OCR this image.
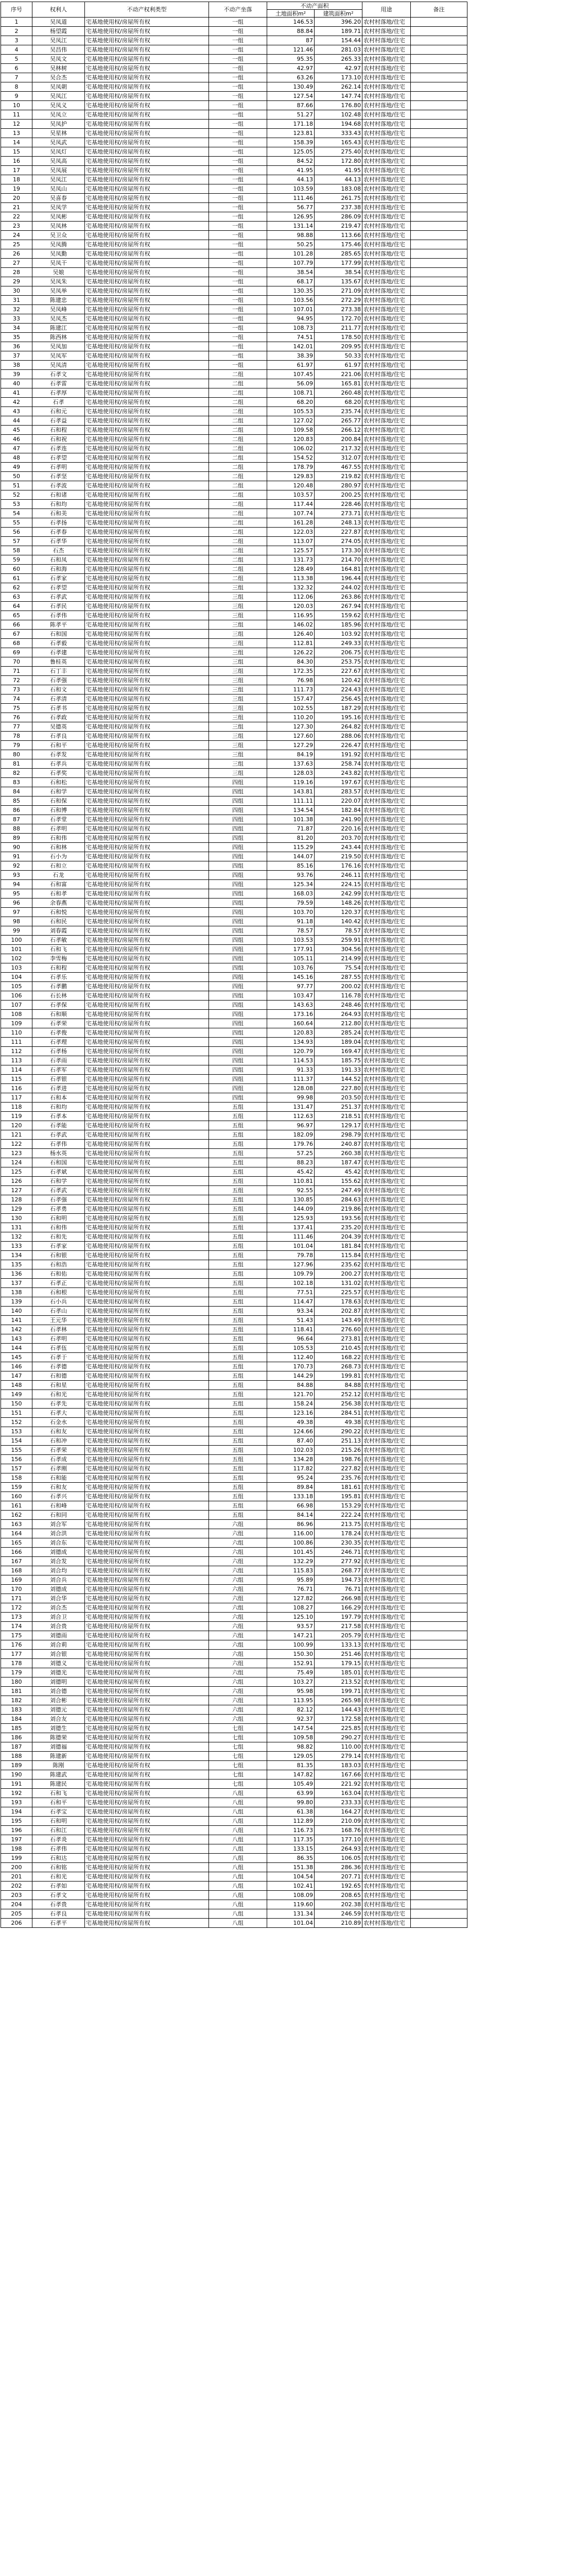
序号	权利人	不动产权利类型	不动产坐落	不动产面积		用途	备注
				土地面积m²	建筑面积m²		
1	吴凤道	宅基地使用权/房屋所有权	一组	146.53	396.20	农村村落地/住宅	
2	杨望霞	宅基地使用权/房屋所有权	一组	88.84	189.71	农村村落地/住宅	
3	吴凤江	宅基地使用权/房屋所有权	一组	87	154.44	农村村落地/住宅	
4	吴昌伟	宅基地使用权/房屋所有权	一组	121.46	281.03	农村村落地/住宅	
5	吴凤文	宅基地使用权/房屋所有权	一组	95.35	265.33	农村村落地/住宅	
6	吴林树	宅基地使用权/房屋所有权	一组	42.97	42.97	农村村落地/住宅	
7	吴合杰	宅基地使用权/房屋所有权	一组	63.26	173.10	农村村落地/住宅	
8	吴凤朝	宅基地使用权/房屋所有权	一组	130.49	262.14	农村村落地/住宅	
9	吴凤江	宅基地使用权/房屋所有权	一组	127.54	147.74	农村村落地/住宅	
10	吴凤义	宅基地使用权/房屋所有权	一组	87.66	176.80	农村村落地/住宅	
11	吴凤立	宅基地使用权/房屋所有权	一组	51.27	102.48	农村村落地/住宅	
12	吴凤护	宅基地使用权/房屋所有权	一组	171.18	194.68	农村村落地/住宅	
13	吴星林	宅基地使用权/房屋所有权	一组	123.81	333.43	农村村落地/住宅	
14	吴凤武	宅基地使用权/房屋所有权	一组	158.39	165.43	农村村落地/住宅	
15	吴凤灯	宅基地使用权/房屋所有权	一组	125.05	275.40	农村村落地/住宅	
16	吴凤高	宅基地使用权/房屋所有权	一组	84.52	172.80	农村村落地/住宅	
17	吴凤展	宅基地使用权/房屋所有权	一组	41.95	41.95	农村村落地/住宅	
18	吴凤江	宅基地使用权/房屋所有权	一组	44.13	44.13	农村村落地/住宅	
19	吴凤山	宅基地使用权/房屋所有权	一组	103.59	183.08	农村村落地/住宅	
20	吴喜春	宅基地使用权/房屋所有权	一组	111.46	261.75	农村村落地/住宅	
21	吴凤学	宅基地使用权/房屋所有权	一组	56.77	237.38	农村村落地/住宅	
22	吴凤彬	宅基地使用权/房屋所有权	一组	126.95	286.09	农村村落地/住宅	
23	吴凤林	宅基地使用权/房屋所有权	一组	131.14	219.47	农村村落地/住宅	
24	吴卫众	宅基地使用权/房屋所有权	一组	98.88	113.66	农村村落地/住宅	
25	吴凤腾	宅基地使用权/房屋所有权	一组	50.25	175.46	农村村落地/住宅	
26	吴凤勤	宅基地使用权/房屋所有权	一组	101.28	285.65	农村村落地/住宅	
27	吴凤干	宅基地使用权/房屋所有权	一组	107.79	177.99	农村村落地/住宅	
28	吴娘	宅基地使用权/房屋所有权	一组	38.54	38.54	农村村落地/住宅	
29	吴凤朱	宅基地使用权/房屋所有权	一组	68.17	135.67	农村村落地/住宅	
30	吴凤举	宅基地使用权/房屋所有权	一组	130.35	271.09	农村村落地/住宅	
31	陈建忠	宅基地使用权/房屋所有权	一组	103.56	272.29	农村村落地/住宅	
32	吴凤峰	宅基地使用权/房屋所有权	一组	107.01	273.38	农村村落地/住宅	
33	吴凤杰	宅基地使用权/房屋所有权	一组	94.95	172.70	农村村落地/住宅	
34	陈建江	宅基地使用权/房屋所有权	一组	108.73	211.77	农村村落地/住宅	
35	陈西林	宅基地使用权/房屋所有权	一组	74.51	178.50	农村村落地/住宅	
36	吴凤加	宅基地使用权/房屋所有权	一组	142.01	209.95	农村村落地/住宅	
37	吴凤军	宅基地使用权/房屋所有权	一组	38.39	50.33	农村村落地/住宅	
38	吴凤清	宅基地使用权/房屋所有权	一组	61.97	61.97	农村村落地/住宅	
39	石孝文	宅基地使用权/房屋所有权	二组	107.45	221.06	农村村落地/住宅	
40	石孝雷	宅基地使用权/房屋所有权	二组	56.09	165.81	农村村落地/住宅	
41	石孝厚	宅基地使用权/房屋所有权	二组	108.71	260.48	农村村落地/住宅	
42	石孝	宅基地使用权/房屋所有权	二组	68.20	68.20	农村村落地/住宅	
43	石和元	宅基地使用权/房屋所有权	二组	105.53	235.74	农村村落地/住宅	
44	石孝益	宅基地使用权/房屋所有权	二组	127.02	265.77	农村村落地/住宅	
45	石和程	宅基地使用权/房屋所有权	二组	109.58	266.12	农村村落地/住宅	
46	石和祝	宅基地使用权/房屋所有权	二组	120.83	200.84	农村村落地/住宅	
47	石孝连	宅基地使用权/房屋所有权	二组	106.02	217.32	农村村落地/住宅	
48	石孝望	宅基地使用权/房屋所有权	二组	154.52	312.07	农村村落地/住宅	
49	石孝明	宅基地使用权/房屋所有权	二组	178.79	467.55	农村村落地/住宅	
50	石孝坚	宅基地使用权/房屋所有权	二组	129.83	219.82	农村村落地/住宅	
51	石孝波	宅基地使用权/房屋所有权	二组	120.48	280.97	农村村落地/住宅	
52	石和诸	宅基地使用权/房屋所有权	二组	103.57	200.25	农村村落地/住宅	
53	石和均	宅基地使用权/房屋所有权	二组	117.44	228.46	农村村落地/住宅	
54	石和美	宅基地使用权/房屋所有权	二组	107.74	273.71	农村村落地/住宅	
55	石孝扬	宅基地使用权/房屋所有权	二组	161.28	248.13	农村村落地/住宅	
56	石孝春	宅基地使用权/房屋所有权	二组	122.03	227.87	农村村落地/住宅	
57	石孝华	宅基地使用权/房屋所有权	二组	113.07	274.05	农村村落地/住宅	
58	石杰	宅基地使用权/房屋所有权	二组	125.57	173.30	农村村落地/住宅	
59	石和凤	宅基地使用权/房屋所有权	二组	131.73	214.70	农村村落地/住宅	
60	石和海	宅基地使用权/房屋所有权	二组	128.49	164.81	农村村落地/住宅	
61	石孝家	宅基地使用权/房屋所有权	二组	113.38	196.44	农村村落地/住宅	
62	石孝望	宅基地使用权/房屋所有权	三组	132.32	244.02	农村村落地/住宅	
63	石孝武	宅基地使用权/房屋所有权	三组	112.06	263.86	农村村落地/住宅	
64	石孝民	宅基地使用权/房屋所有权	三组	120.03	267.94	农村村落地/住宅	
65	石孝伟	宅基地使用权/房屋所有权	三组	116.95	159.62	农村村落地/住宅	
66	陈孝平	宅基地使用权/房屋所有权	三组	146.02	185.96	农村村落地/住宅	
67	石和国	宅基地使用权/房屋所有权	三组	126.40	103.92	农村村落地/住宅	
68	石孝毅	宅基地使用权/房屋所有权	三组	112.81	249.33	农村村落地/住宅	
69	石孝建	宅基地使用权/房屋所有权	三组	126.22	206.75	农村村落地/住宅	
70	鲁桂英	宅基地使用权/房屋所有权	三组	84.30	253.75	农村村落地/住宅	
71	石丁丰	宅基地使用权/房屋所有权	三组	172.35	227.67	农村村落地/住宅	
72	石孝强	宅基地使用权/房屋所有权	三组	76.98	120.42	农村村落地/住宅	
73	石和文	宅基地使用权/房屋所有权	三组	111.73	224.43	农村村落地/住宅	
74	石孝清	宅基地使用权/房屋所有权	三组	157.47	256.45	农村村落地/住宅	
75	石孝书	宅基地使用权/房屋所有权	三组	102.55	187.29	农村村落地/住宅	
76	石孝政	宅基地使用权/房屋所有权	三组	110.20	195.16	农村村落地/住宅	
77	吴德英	宅基地使用权/房屋所有权	三组	127.30	264.82	农村村落地/住宅	
78	石孝良	宅基地使用权/房屋所有权	三组	127.60	288.06	农村村落地/住宅	
79	石和平	宅基地使用权/房屋所有权	三组	127.29	226.47	农村村落地/住宅	
80	石孝发	宅基地使用权/房屋所有权	三组	84.19	191.92	农村村落地/住宅	
81	石孝兵	宅基地使用权/房屋所有权	三组	137.63	258.74	农村村落地/住宅	
82	石孝奖	宅基地使用权/房屋所有权	三组	128.03	243.82	农村村落地/住宅	
83	石和松	宅基地使用权/房屋所有权	四组	119.16	197.67	农村村落地/住宅	
84	石和学	宅基地使用权/房屋所有权	四组	143.81	283.57	农村村落地/住宅	
85	石和保	宅基地使用权/房屋所有权	四组	111.11	220.07	农村村落地/住宅	
86	石和博	宅基地使用权/房屋所有权	四组	134.54	182.84	农村村落地/住宅	
87	石孝堂	宅基地使用权/房屋所有权	四组	101.38	241.90	农村村落地/住宅	
88	石孝明	宅基地使用权/房屋所有权	四组	71.87	220.16	农村村落地/住宅	
89	石和伟	宅基地使用权/房屋所有权	四组	81.20	203.70	农村村落地/住宅	
90	石和林	宅基地使用权/房屋所有权	四组	115.29	243.44	农村村落地/住宅	
91	石小为	宅基地使用权/房屋所有权	四组	144.07	219.50	农村村落地/住宅	
92	石和立	宅基地使用权/房屋所有权	四组	85.16	176.16	农村村落地/住宅	
93	石龙	宅基地使用权/房屋所有权	四组	93.76	246.11	农村村落地/住宅	
94	石和富	宅基地使用权/房屋所有权	四组	125.34	224.15	农村村落地/住宅	
95	石和孝	宅基地使用权/房屋所有权	四组	168.03	242.99	农村村落地/住宅	
96	余春燕	宅基地使用权/房屋所有权	四组	79.59	148.26	农村村落地/住宅	
97	石和悦	宅基地使用权/房屋所有权	四组	103.70	120.37	农村村落地/住宅	
98	石和民	宅基地使用权/房屋所有权	四组	91.18	140.42	农村村落地/住宅	
99	刘春霞	宅基地使用权/房屋所有权	四组	78.57	78.57	农村村落地/住宅	
100	石孝敏	宅基地使用权/房屋所有权	四组	103.53	259.91	农村村落地/住宅	
101	石和飞	宅基地使用权/房屋所有权	四组	177.91	304.56	农村村落地/住宅	
102	李雪梅	宅基地使用权/房屋所有权	四组	105.11	214.99	农村村落地/住宅	
103	石和程	宅基地使用权/房屋所有权	四组	103.76	75.54	农村村落地/住宅	
104	石孝乐	宅基地使用权/房屋所有权	四组	145.16	287.55	农村村落地/住宅	
105	石孝鹏	宅基地使用权/房屋所有权	四组	97.77	200.02	农村村落地/住宅	
106	石长林	宅基地使用权/房屋所有权	四组	103.47	116.78	农村村落地/住宅	
107	石孝保	宅基地使用权/房屋所有权	四组	143.63	248.46	农村村落地/住宅	
108	石和顺	宅基地使用权/房屋所有权	四组	173.16	264.93	农村村落地/住宅	
109	石孝荣	宅基地使用权/房屋所有权	四组	160.64	212.80	农村村落地/住宅	
110	石孝俊	宅基地使用权/房屋所有权	四组	120.83	285.24	农村村落地/住宅	
111	石孝理	宅基地使用权/房屋所有权	四组	134.93	189.04	农村村落地/住宅	
112	石孝杨	宅基地使用权/房屋所有权	四组	120.79	169.47	农村村落地/住宅	
113	石孝雨	宅基地使用权/房屋所有权	四组	114.53	185.75	农村村落地/住宅	
114	石孝军	宅基地使用权/房屋所有权	四组	91.33	191.33	农村村落地/住宅	
115	石孝银	宅基地使用权/房屋所有权	四组	111.37	144.52	农村村落地/住宅	
116	石孝进	宅基地使用权/房屋所有权	四组	128.08	227.80	农村村落地/住宅	
117	石和本	宅基地使用权/房屋所有权	四组	99.98	203.50	农村村落地/住宅	
118	石和均	宅基地使用权/房屋所有权	五组	131.47	251.37	农村村落地/住宅	
119	石孝本	宅基地使用权/房屋所有权	五组	112.63	218.51	农村村落地/住宅	
120	石孝能	宅基地使用权/房屋所有权	五组	96.97	129.17	农村村落地/住宅	
121	石孝武	宅基地使用权/房屋所有权	五组	182.09	298.79	农村村落地/住宅	
122	石孝伟	宅基地使用权/房屋所有权	五组	179.76	240.87	农村村落地/住宅	
123	杨水英	宅基地使用权/房屋所有权	五组	57.25	260.38	农村村落地/住宅	
124	石和国	宅基地使用权/房屋所有权	五组	88.23	187.47	农村村落地/住宅	
125	石孝斌	宅基地使用权/房屋所有权	五组	45.42	45.42	农村村落地/住宅	
126	石和学	宅基地使用权/房屋所有权	五组	110.81	155.62	农村村落地/住宅	
127	石孝武	宅基地使用权/房屋所有权	五组	92.55	247.49	农村村落地/住宅	
128	石孝强	宅基地使用权/房屋所有权	五组	130.85	284.63	农村村落地/住宅	
129	石孝勇	宅基地使用权/房屋所有权	五组	144.09	219.86	农村村落地/住宅	
130	石和明	宅基地使用权/房屋所有权	五组	125.93	193.56	农村村落地/住宅	
131	石和伟	宅基地使用权/房屋所有权	五组	137.41	235.20	农村村落地/住宅	
132	石和先	宅基地使用权/房屋所有权	五组	111.46	204.39	农村村落地/住宅	
133	石孝家	宅基地使用权/房屋所有权	五组	101.04	181.84	农村村落地/住宅	
134	石和银	宅基地使用权/房屋所有权	五组	79.78	115.84	农村村落地/住宅	
135	石和浩	宅基地使用权/房屋所有权	五组	127.96	235.62	农村村落地/住宅	
136	石和佑	宅基地使用权/房屋所有权	五组	109.79	200.27	农村村落地/住宅	
137	石孝正	宅基地使用权/房屋所有权	五组	102.18	131.02	农村村落地/住宅	
138	石和根	宅基地使用权/房屋所有权	五组	77.51	225.57	农村村落地/住宅	
139	石小兵	宅基地使用权/房屋所有权	五组	114.47	178.63	农村村落地/住宅	
140	石孝山	宅基地使用权/房屋所有权	五组	93.34	202.87	农村村落地/住宅	
141	王元华	宅基地使用权/房屋所有权	五组	51.43	143.49	农村村落地/住宅	
142	石孝林	宅基地使用权/房屋所有权	五组	118.41	276.60	农村村落地/住宅	
143	石孝明	宅基地使用权/房屋所有权	五组	96.64	273.81	农村村落地/住宅	
144	石孝伍	宅基地使用权/房屋所有权	五组	105.53	210.45	农村村落地/住宅	
145	石孝于	宅基地使用权/房屋所有权	五组	112.40	168.22	农村村落地/住宅	
146	石孝德	宅基地使用权/房屋所有权	五组	170.73	268.73	农村村落地/住宅	
147	石和德	宅基地使用权/房屋所有权	五组	144.29	199.81	农村村落地/住宅	
148	石和星	宅基地使用权/房屋所有权	五组	84.88	84.88	农村村落地/住宅	
149	石和光	宅基地使用权/房屋所有权	五组	121.70	252.12	农村村落地/住宅	
150	石孝先	宅基地使用权/房屋所有权	五组	158.24	256.38	农村村落地/住宅	
151	石孝大	宅基地使用权/房屋所有权	五组	123.16	284.51	农村村落地/住宅	
152	石金水	宅基地使用权/房屋所有权	五组	49.38	49.38	农村村落地/住宅	
153	石和友	宅基地使用权/房屋所有权	五组	124.66	290.22	农村村落地/住宅	
154	石和冲	宅基地使用权/房屋所有权	五组	87.40	251.13	农村村落地/住宅	
155	石孝荣	宅基地使用权/房屋所有权	五组	102.03	215.26	农村村落地/住宅	
156	石孝成	宅基地使用权/房屋所有权	五组	134.28	198.76	农村村落地/住宅	
157	石孝刚	宅基地使用权/房屋所有权	五组	117.82	227.82	农村村落地/住宅	
158	石和能	宅基地使用权/房屋所有权	五组	95.24	235.76	农村村落地/住宅	
159	石和友	宅基地使用权/房屋所有权	五组	89.84	181.61	农村村落地/住宅	
160	石孝兴	宅基地使用权/房屋所有权	五组	133.18	195.81	农村村落地/住宅	
161	石和峰	宅基地使用权/房屋所有权	五组	66.98	153.29	农村村落地/住宅	
162	石和同	宅基地使用权/房屋所有权	五组	84.14	222.24	农村村落地/住宅	
163	刘合军	宅基地使用权/房屋所有权	六组	86.96	213.75	农村村落地/住宅	
164	刘合洪	宅基地使用权/房屋所有权	六组	116.00	178.24	农村村落地/住宅	
165	刘合东	宅基地使用权/房屋所有权	六组	100.86	230.35	农村村落地/住宅	
166	刘德成	宅基地使用权/房屋所有权	六组	101.45	246.71	农村村落地/住宅	
167	刘合发	宅基地使用权/房屋所有权	六组	132.29	277.92	农村村落地/住宅	
168	刘合均	宅基地使用权/房屋所有权	六组	115.83	268.77	农村村落地/住宅	
169	刘合兵	宅基地使用权/房屋所有权	六组	95.89	194.73	农村村落地/住宅	
170	刘德成	宅基地使用权/房屋所有权	六组	76.71	76.71	农村村落地/住宅	
171	刘合华	宅基地使用权/房屋所有权	六组	127.82	266.98	农村村落地/住宅	
172	刘合杰	宅基地使用权/房屋所有权	六组	108.27	166.29	农村村落地/住宅	
173	刘合卫	宅基地使用权/房屋所有权	六组	125.10	197.79	农村村落地/住宅	
174	刘合贵	宅基地使用权/房屋所有权	六组	93.57	217.58	农村村落地/住宅	
175	刘德雨	宅基地使用权/房屋所有权	六组	147.21	205.79	农村村落地/住宅	
176	刘合莉	宅基地使用权/房屋所有权	六组	100.99	133.13	农村村落地/住宅	
177	刘合银	宅基地使用权/房屋所有权	六组	150.30	251.46	农村村落地/住宅	
178	刘德义	宅基地使用权/房屋所有权	六组	152.91	179.15	农村村落地/住宅	
179	刘德光	宅基地使用权/房屋所有权	六组	75.49	185.01	农村村落地/住宅	
180	刘德明	宅基地使用权/房屋所有权	六组	103.27	213.52	农村村落地/住宅	
181	刘合德	宅基地使用权/房屋所有权	六组	95.98	199.71	农村村落地/住宅	
182	刘合彬	宅基地使用权/房屋所有权	六组	113.95	265.98	农村村落地/住宅	
183	刘德元	宅基地使用权/房屋所有权	六组	82.12	144.43	农村村落地/住宅	
184	刘合友	宅基地使用权/房屋所有权	六组	92.37	172.58	农村村落地/住宅	
185	刘德生	宅基地使用权/房屋所有权	七组	147.54	225.85	农村村落地/住宅	
186	陈德荣	宅基地使用权/房屋所有权	七组	109.58	290.27	农村村落地/住宅	
187	刘德福	宅基地使用权/房屋所有权	七组	98.82	110.00	农村村落地/住宅	
188	陈建新	宅基地使用权/房屋所有权	七组	129.05	279.14	农村村落地/住宅	
189	陈刚	宅基地使用权/房屋所有权	七组	81.35	183.03	农村村落地/住宅	
190	陈建武	宅基地使用权/房屋所有权	七组	147.82	167.66	农村村落地/住宅	
191	陈建民	宅基地使用权/房屋所有权	七组	105.49	221.92	农村村落地/住宅	
192	石和飞	宅基地使用权/房屋所有权	八组	63.99	163.04	农村村落地/住宅	
193	石和平	宅基地使用权/房屋所有权	八组	99.80	233.33	农村村落地/住宅	
194	石孝宝	宅基地使用权/房屋所有权	八组	61.38	164.27	农村村落地/住宅	
195	石和明	宅基地使用权/房屋所有权	八组	112.89	210.09	农村村落地/住宅	
196	石和江	宅基地使用权/房屋所有权	八组	116.73	168.76	农村村落地/住宅	
197	石孝炎	宅基地使用权/房屋所有权	八组	117.35	177.10	农村村落地/住宅	
198	石孝伟	宅基地使用权/房屋所有权	八组	133.15	264.93	农村村落地/住宅	
199	石和达	宅基地使用权/房屋所有权	八组	86.35	106.05	农村村落地/住宅	
200	石和铭	宅基地使用权/房屋所有权	八组	151.38	286.36	农村村落地/住宅	
201	石和光	宅基地使用权/房屋所有权	八组	104.54	207.71	农村村落地/住宅	
202	石孝如	宅基地使用权/房屋所有权	八组	102.41	192.65	农村村落地/住宅	
203	石孝文	宅基地使用权/房屋所有权	八组	108.09	208.65	农村村落地/住宅	
204	石孝贵	宅基地使用权/房屋所有权	八组	119.60	202.38	农村村落地/住宅	
205	石孝良	宅基地使用权/房屋所有权	八组	131.34	246.59	农村村落地/住宅	
206	石孝平	宅基地使用权/房屋所有权	八组	101.04	210.89	农村村落地/住宅	
